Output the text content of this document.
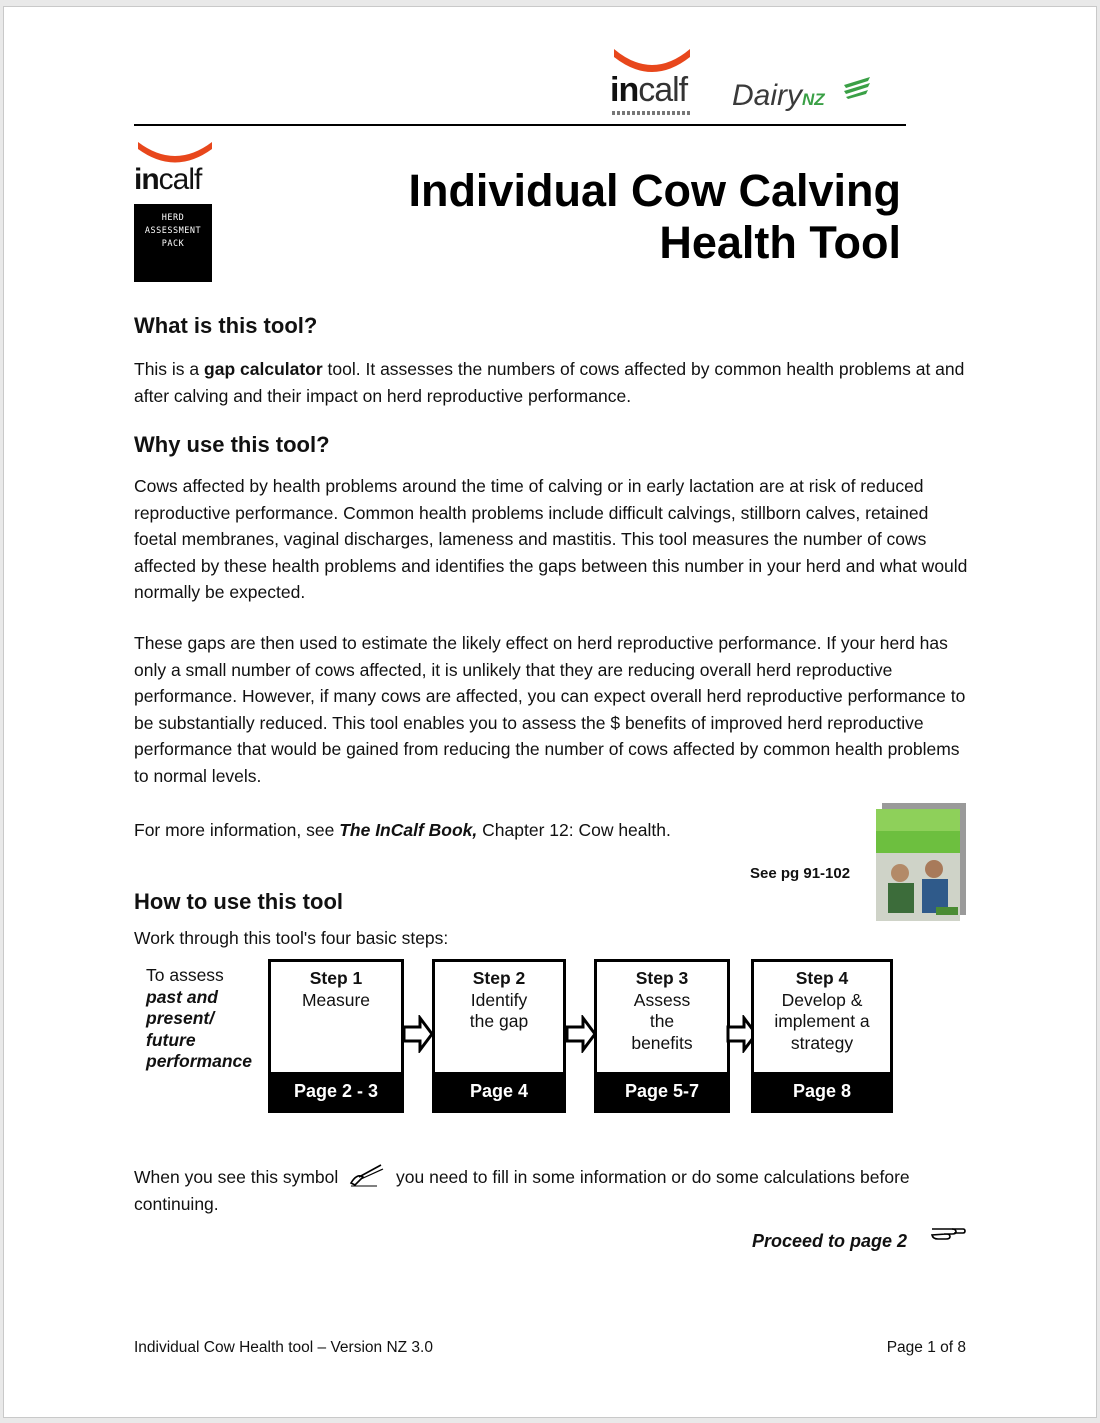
incalf DairyNZ
incalf
HERD
ASSESSMENT
PACK
Individual Cow Calving
Health Tool
What is this tool?

This is a gap calculator tool. It assesses the numbers of cows affected by common health problems at and after calving and their impact on herd reproductive performance.

Why use this tool?

Cows affected by health problems around the time of calving or in early lactation are at risk of reduced reproductive performance. Common health problems include difficult calvings, stillborn calves, retained foetal membranes, vaginal discharges, lameness and mastitis. This tool measures the number of cows affected by these health problems and identifies the gaps between this number in your herd and what would normally be expected.

These gaps are then used to estimate the likely effect on herd reproductive performance. If your herd has only a small number of cows affected, it is unlikely that they are reducing overall herd reproductive performance. However, if many cows are affected, you can expect overall herd reproductive performance to be substantially reduced. This tool enables you to assess the $ benefits of improved herd reproductive performance that would be gained from reducing the number of cows affected by common health problems to normal levels.

For more information, see The InCalf Book, Chapter 12: Cow health.

See pg 91-102
How to use this tool

Work through this tool's four basic steps:

To assess
past and
present/
future
performance
Step 1
Measure
Page 2 - 3
Step 2
Identify
the gap
Page 4
Step 3
Assess
the
benefits
Page 5-7
Step 4
Develop &
implement a
strategy
Page 8

When you see this symbol	you need to fill in some information or do some calculations before continuing.

Proceed to page 2
Individual Cow Health tool – Version NZ 3.0	Page 1 of 8
